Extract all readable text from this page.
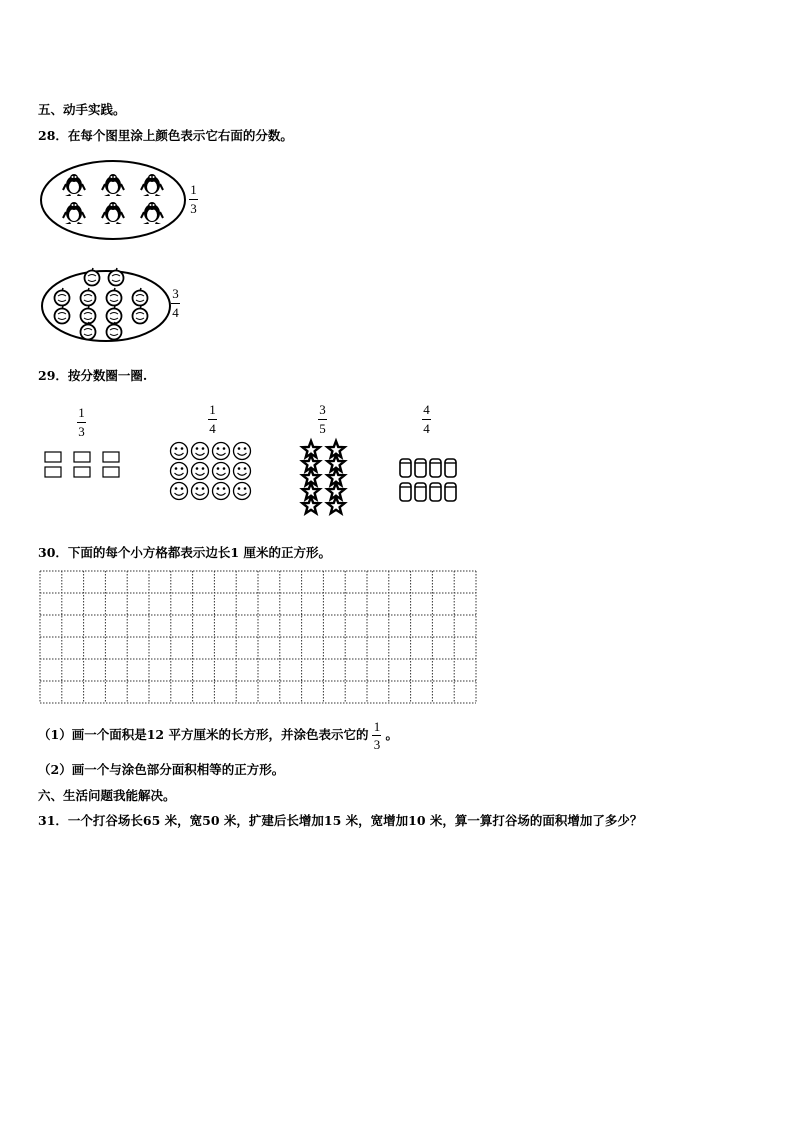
五、动手实践。
28．在每个图里涂上颜色表示它右面的分数。
1
3
3
4
29．按分数圈一圈.
1
3
1
4
3
5
4
4
30．下面的每个小方格都表示边长1 厘米的正方形。
（1）画一个面积是12 平方厘米的长方形，并涂色表示它的 $\frac{1}{3}$ 。
（2）画一个与涂色部分面积相等的正方形。
六、生活问题我能解决。
31．一个打谷场长65 米，宽50 米，扩建后长增加15 米，宽增加10 米，算一算打谷场的面积增加了多少？
